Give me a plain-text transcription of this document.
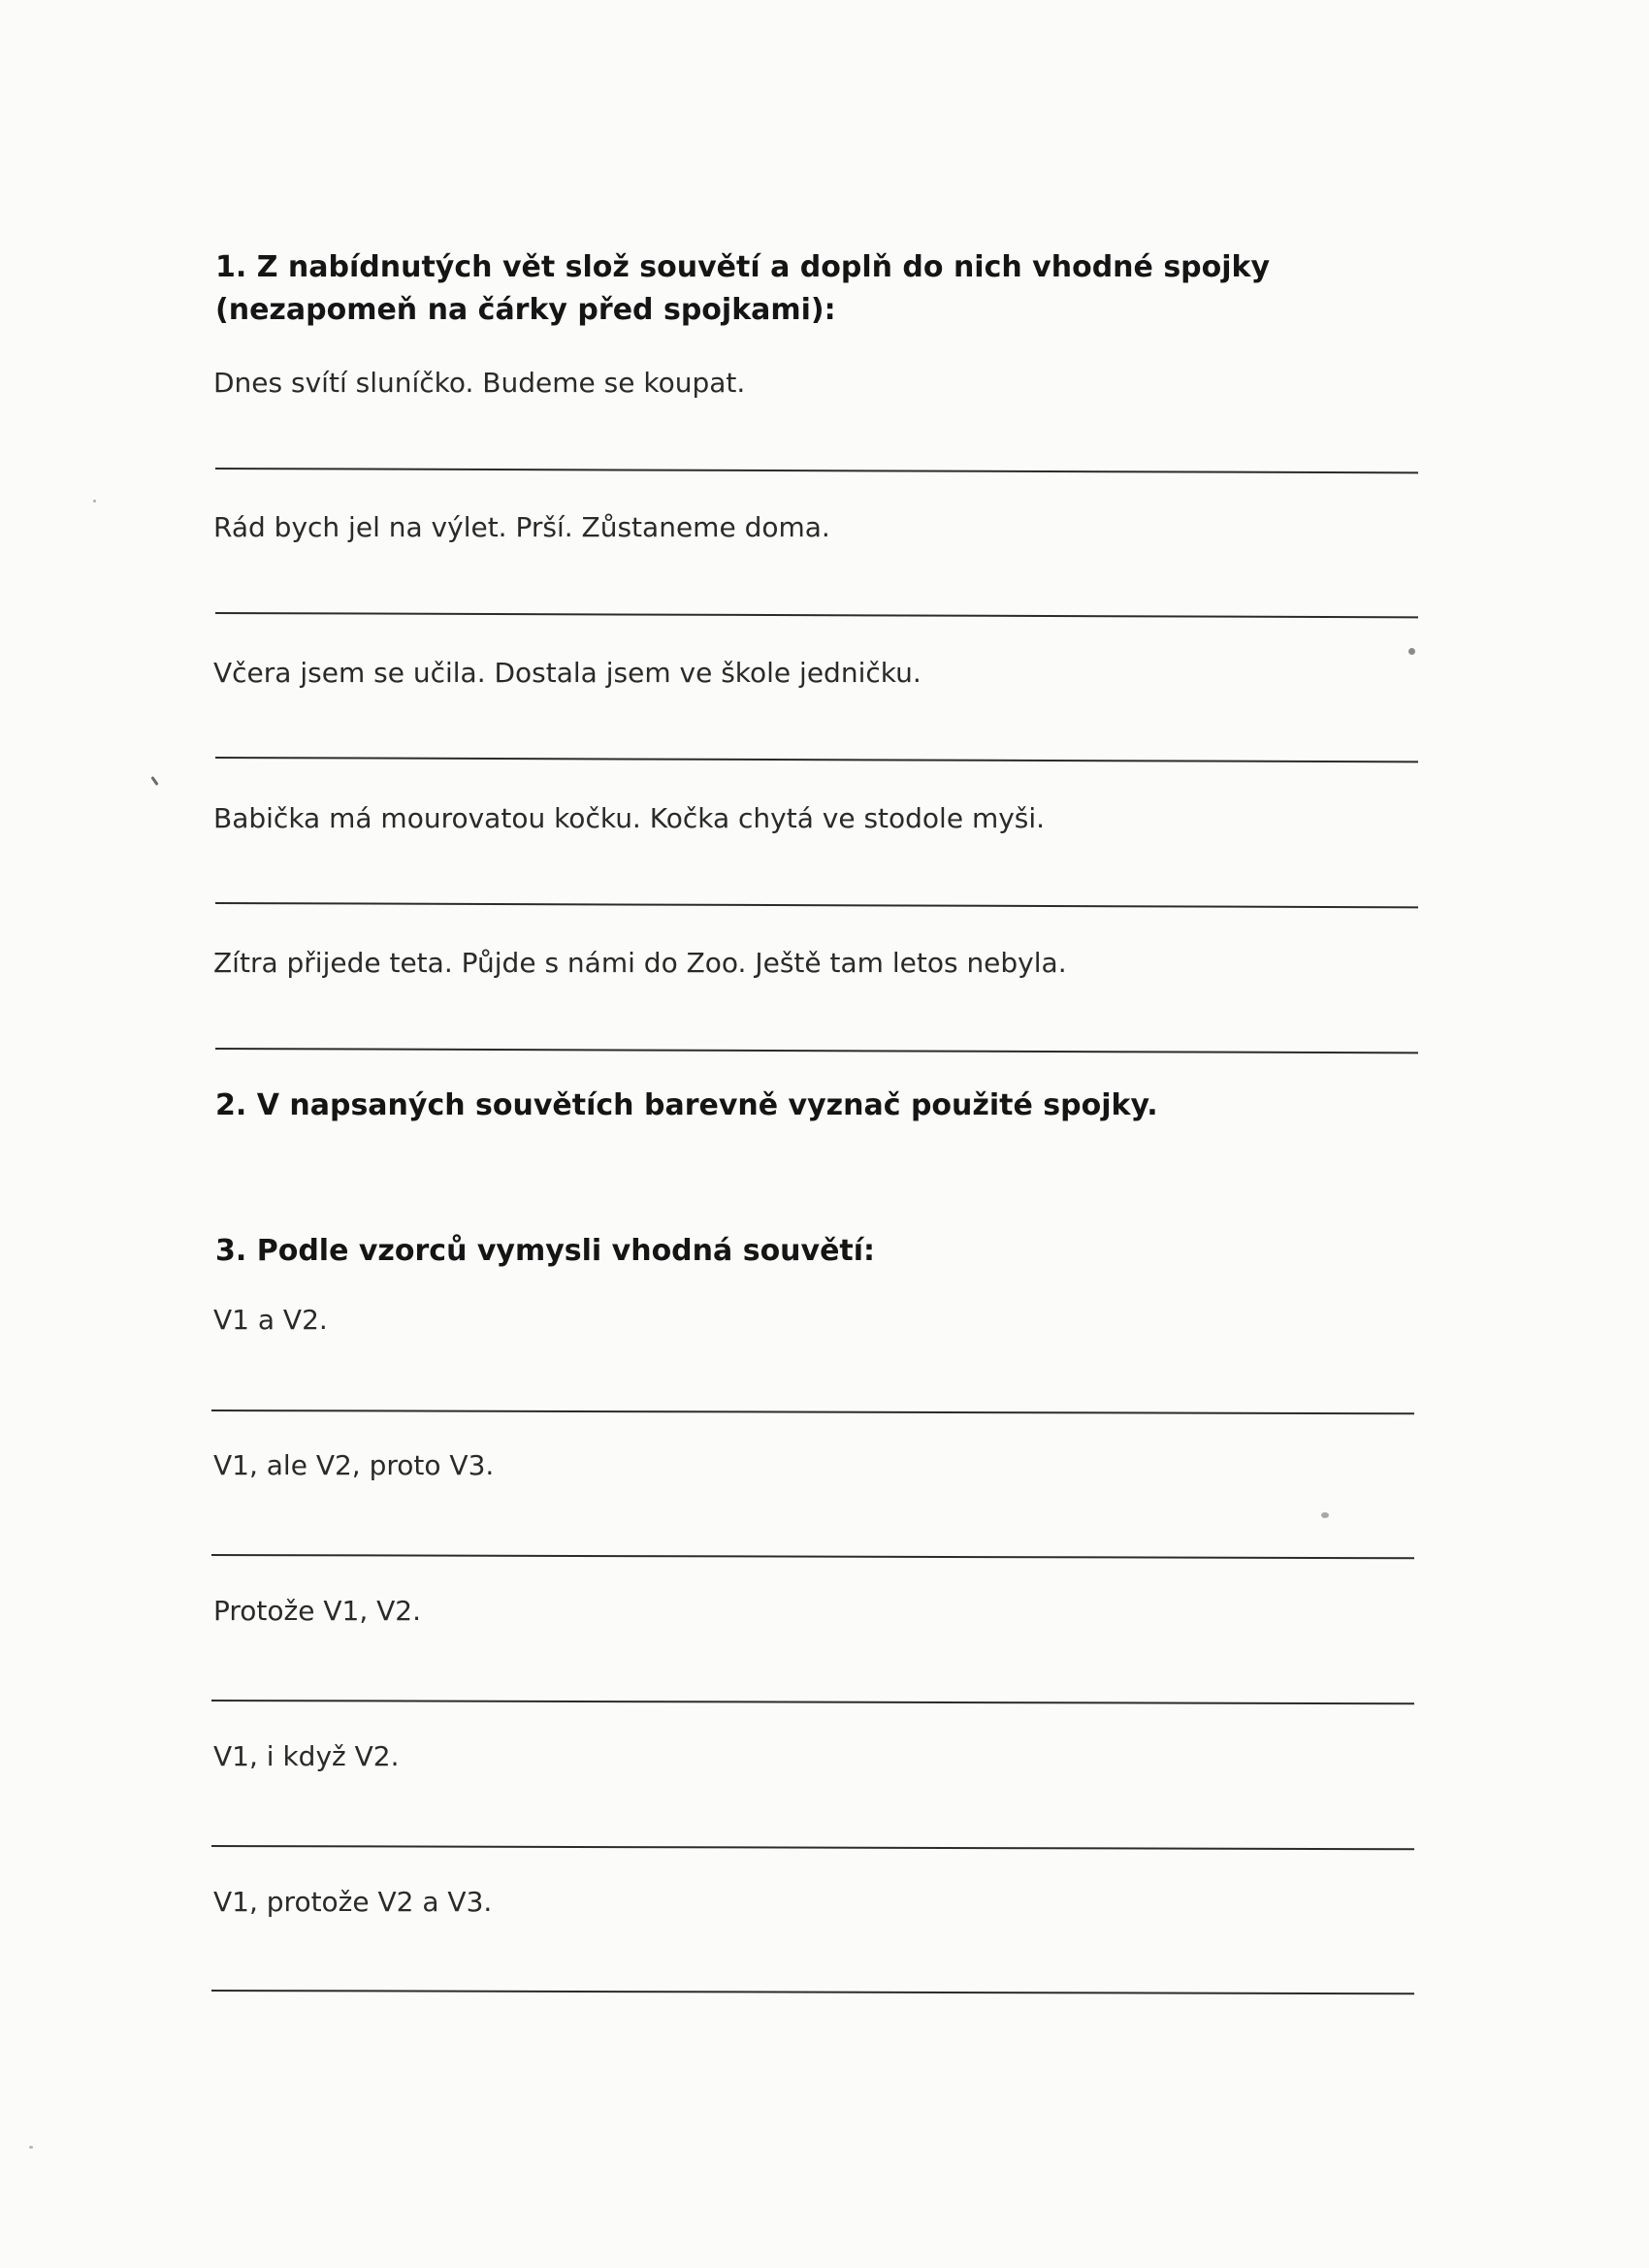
1. Z nabídnutých vět slož souvětí a doplň do nich vhodné spojky (nezapomeň na čárky před spojkami):

Dnes svítí sluníčko. Budeme se koupat.

Rád bych jel na výlet. Prší. Zůstaneme doma.

Včera jsem se učila. Dostala jsem ve škole jedničku.

Babička má mourovatou kočku. Kočka chytá ve stodole myši.

Zítra přijede teta. Půjde s námi do Zoo. Ještě tam letos nebyla.

2. V napsaných souvětích barevně vyznač použité spojky.

3. Podle vzorců vymysli vhodná souvětí:

V1 a V2.

V1, ale V2, proto V3.

Protože V1, V2.

V1, i když V2.

V1, protože V2 a V3.
